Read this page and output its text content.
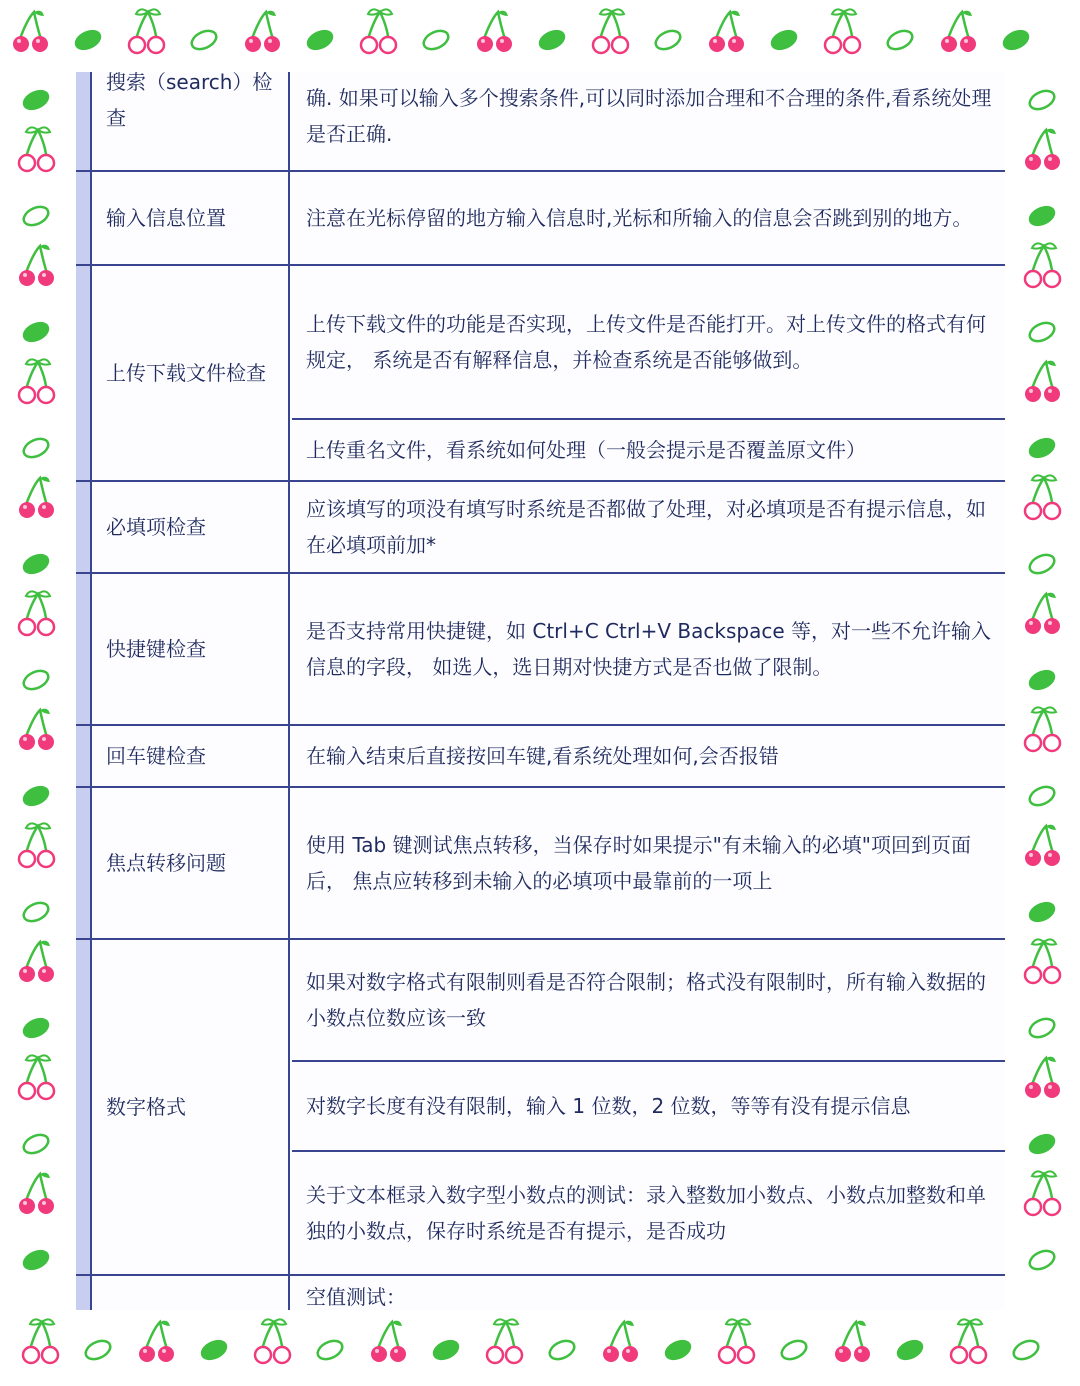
搜索（search）检查
确. 如果可以输入多个搜索条件,可以同时添加合理和不合理的条件,看系统处理是否正确.
输入信息位置	注意在光标停留的地方输入信息时,光标和所输入的信息会否跳到别的地方。
上传下载文件检查
上传下载文件的功能是否实现，上传文件是否能打开。对上传文件的格式有何规定， 系统是否有解释信息，并检查系统是否能够做到。
上传重名文件，看系统如何处理（一般会提示是否覆盖原文件）
必填项检查
应该填写的项没有填写时系统是否都做了处理，对必填项是否有提示信息，如在必填项前加*
快捷键检查
是否支持常用快捷键，如 Ctrl+C Ctrl+V Backspace 等，对一些不允许输入信息的字段， 如选人，选日期对快捷方式是否也做了限制。
回车键检查	在输入结束后直接按回车键,看系统处理如何,会否报错
焦点转移问题
使用 Tab 键测试焦点转移，当保存时如果提示"有未输入的必填"项回到页面后， 焦点应转移到未输入的必填项中最靠前的一项上
数字格式
如果对数字格式有限制则看是否符合限制；格式没有限制时，所有输入数据的小数点位数应该一致
对数字长度有没有限制，输入 1 位数，2 位数，等等有没有提示信息
关于文本框录入数字型小数点的测试：录入整数加小数点、小数点加整数和单独的小数点，保存时系统是否有提示，是否成功
空值测试：
